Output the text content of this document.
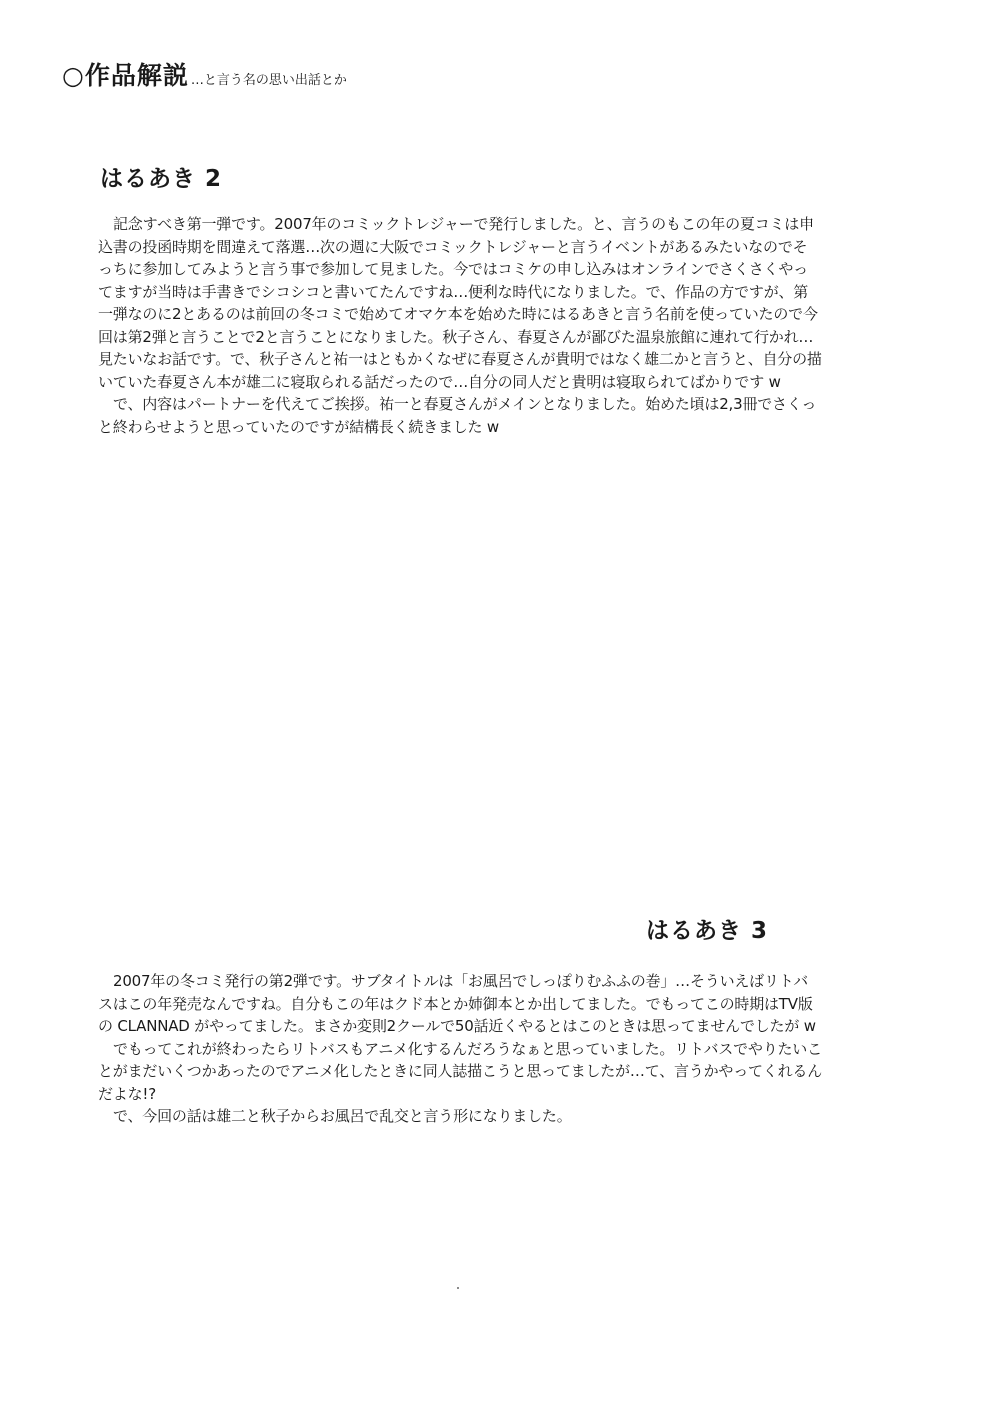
○作品解説 …と言う名の思い出話とか
はるあき 2

記念すべき第一弾です。2007年のコミックトレジャーで発行しました。と、言うのもこの年の夏コミは申込書の投函時期を間違えて落選…次の週に大阪でコミックトレジャーと言うイベントがあるみたいなのでそっちに参加してみようと言う事で参加して見ました。今ではコミケの申し込みはオンラインでさくさくやってますが当時は手書きでシコシコと書いてたんですね…便利な時代になりました。で、作品の方ですが、第一弾なのに2とあるのは前回の冬コミで始めてオマケ本を始めた時にはるあきと言う名前を使っていたので今回は第2弾と言うことで2と言うことになりました。秋子さん、春夏さんが鄙びた温泉旅館に連れて行かれ…見たいなお話です。で、秋子さんと祐一はともかくなぜに春夏さんが貴明ではなく雄二かと言うと、自分の描いていた春夏さん本が雄二に寝取られる話だったので…自分の同人だと貴明は寝取られてばかりです w

で、内容はパートナーを代えてご挨拶。祐一と春夏さんがメインとなりました。始めた頃は2,3冊でさくっと終わらせようと思っていたのですが結構長く続きました w

はるあき 3

2007年の冬コミ発行の第2弾です。サブタイトルは「お風呂でしっぽりむふふの巻」…そういえばリトバスはこの年発売なんですね。自分もこの年はクド本とか姉御本とか出してました。でもってこの時期はTV版の CLANNAD がやってました。まさか変則2クールで50話近くやるとはこのときは思ってませんでしたが w

でもってこれが終わったらリトバスもアニメ化するんだろうなぁと思っていました。リトバスでやりたいことがまだいくつかあったのでアニメ化したときに同人誌描こうと思ってましたが…て、言うかやってくれるんだよな!?

で、今回の話は雄二と秋子からお風呂で乱交と言う形になりました。
